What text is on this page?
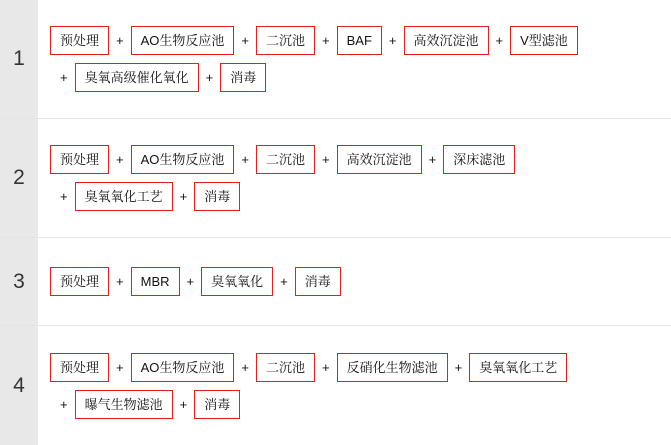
1
预处理	+	AO生物反应池	+	二沉池	+	BAF	+	高效沉淀池	+	V型滤池
+	臭氧高级催化氧化	+	消毒
2
预处理	+	AO生物反应池	+	二沉池	+	高效沉淀池	+	深床滤池
+	臭氧氧化工艺	+	消毒
3	预处理	+	MBR	+	臭氧氧化	+	消毒
4
预处理	+	AO生物反应池	+	二沉池	+	反硝化生物滤池	+	臭氧氧化工艺
+	曝气生物滤池	+	消毒
